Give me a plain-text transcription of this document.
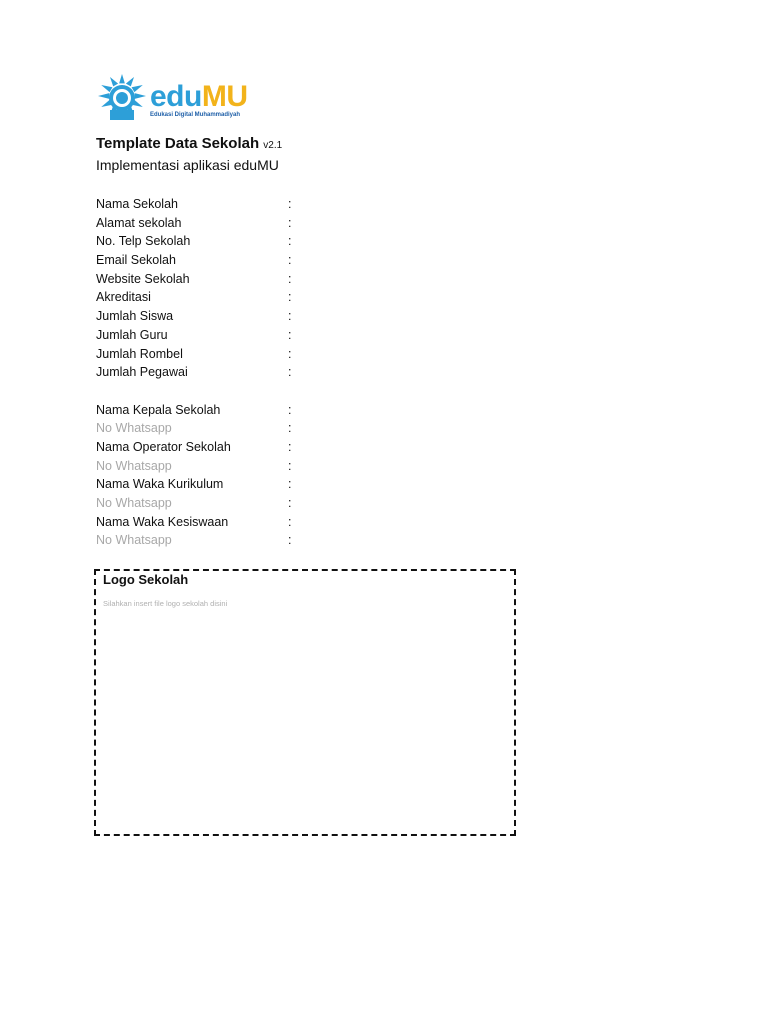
eduMU
Edukasi Digital Muhammadiyah
Template Data Sekolah v2.1
Implementasi aplikasi eduMU
Nama Sekolah	:
Alamat sekolah	:
No. Telp Sekolah	:
Email Sekolah	:
Website Sekolah	:
Akreditasi	:
Jumlah Siswa	:
Jumlah Guru	:
Jumlah Rombel	:
Jumlah Pegawai	:
Nama Kepala Sekolah	:
No Whatsapp	:
Nama Operator Sekolah	:
No Whatsapp	:
Nama Waka Kurikulum	:
No Whatsapp	:
Nama Waka Kesiswaan	:
No Whatsapp	:
Logo Sekolah
Silahkan insert file logo sekolah disini
